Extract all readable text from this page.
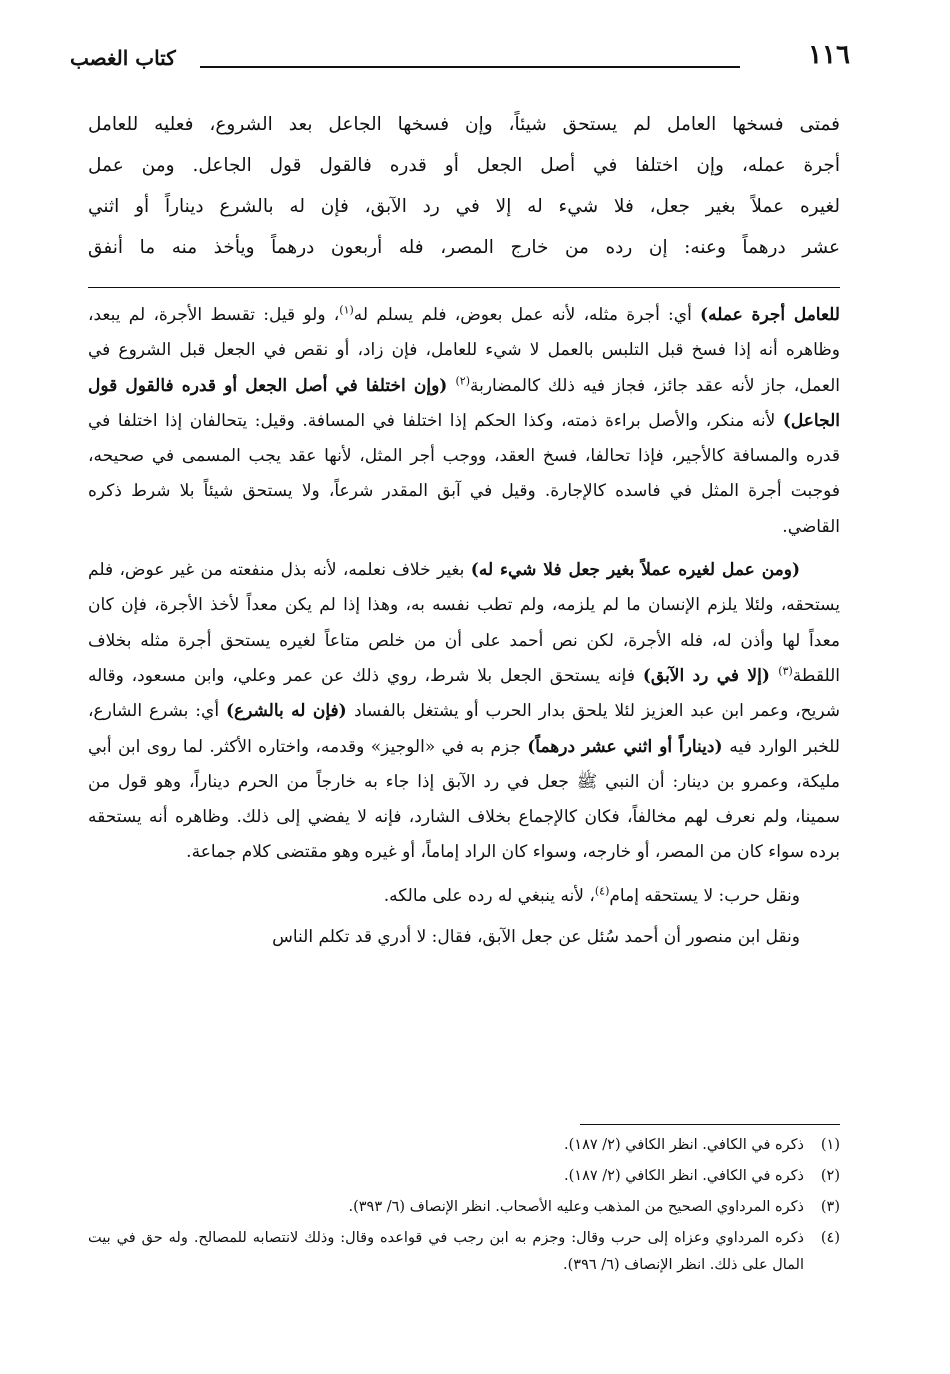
١١٦
كتاب الغصب

فمتى فسخها العامل لم يستحق شيئاً، وإن فسخها الجاعل بعد الشروع، فعليه للعامل

أجرة عمله، وإن اختلفا في أصل الجعل أو قدره فالقول قول الجاعل. ومن عمل

لغيره عملاً بغير جعل، فلا شيء له إلا في رد الآبق، فإن له بالشرع ديناراً أو اثني

عشر درهماً وعنه: إن رده من خارج المصر، فله أربعون درهماً ويأخذ منه ما أنفق

للعامل أجرة عمله) أي: أجرة مثله، لأنه عمل بعوض، فلم يسلم له$^{(١)}$، ولو قيل: تقسط الأجرة، لم يبعد، وظاهره أنه إذا فسخ قبل التلبس بالعمل لا شيء للعامل، فإن زاد، أو نقص في الجعل قبل الشروع في العمل، جاز لأنه عقد جائز، فجاز فيه ذلك كالمضاربة$^{(٢)}$ (وإن اختلفا في أصل الجعل أو قدره فالقول قول الجاعل) لأنه منكر، والأصل براءة ذمته، وكذا الحكم إذا اختلفا في المسافة. وقيل: يتحالفان إذا اختلفا في قدره والمسافة كالأجير، فإذا تحالفا، فسخ العقد، ووجب أجر المثل، لأنها عقد يجب المسمى في صحيحه، فوجبت أجرة المثل في فاسده كالإجارة. وقيل في آبق المقدر شرعاً، ولا يستحق شيئاً بلا شرط ذكره القاضي.

(ومن عمل لغيره عملاً بغير جعل فلا شيء له) بغير خلاف نعلمه، لأنه بذل منفعته من غير عوض، فلم يستحقه، ولئلا يلزم الإنسان ما لم يلزمه، ولم تطب نفسه به، وهذا إذا لم يكن معداً لأخذ الأجرة، فإن كان معداً لها وأذن له، فله الأجرة، لكن نص أحمد على أن من خلص متاعاً لغيره يستحق أجرة مثله بخلاف اللقطة$^{(٣)}$ (إلا في رد الآبق) فإنه يستحق الجعل بلا شرط، روي ذلك عن عمر وعلي، وابن مسعود، وقاله شريح، وعمر ابن عبد العزيز لئلا يلحق بدار الحرب أو يشتغل بالفساد (فإن له بالشرع) أي: بشرع الشارع، للخبر الوارد فيه (ديناراً أو اثني عشر درهماً) جزم به في «الوجيز» وقدمه، واختاره الأكثر. لما روى ابن أبي مليكة، وعمرو بن دينار: أن النبي ﷺ جعل في رد الآبق إذا جاء به خارجاً من الحرم ديناراً، وهو قول من سمينا، ولم نعرف لهم مخالفاً، فكان كالإجماع بخلاف الشارد، فإنه لا يفضي إلى ذلك. وظاهره أنه يستحقه برده سواء كان من المصر، أو خارجه، وسواء كان الراد إماماً، أو غيره وهو مقتضى كلام جماعة.

ونقل حرب: لا يستحقه إمام$^{(٤)}$، لأنه ينبغي له رده على مالكه.

ونقل ابن منصور أن أحمد سُئل عن جعل الآبق، فقال: لا أدري قد تكلم الناس

(١)
ذكره في الكافي. انظر الكافي (٢/ ١٨٧).
(٢)
ذكره في الكافي. انظر الكافي (٢/ ١٨٧).
(٣)
ذكره المرداوي الصحيح من المذهب وعليه الأصحاب. انظر الإنصاف (٦/ ٣٩٣).
(٤)
ذكره المرداوي وعزاه إلى حرب وقال: وجزم به ابن رجب في قواعده وقال: وذلك لانتصابه للمصالح. وله حق في بيت المال على ذلك. انظر الإنصاف (٦/ ٣٩٦).
